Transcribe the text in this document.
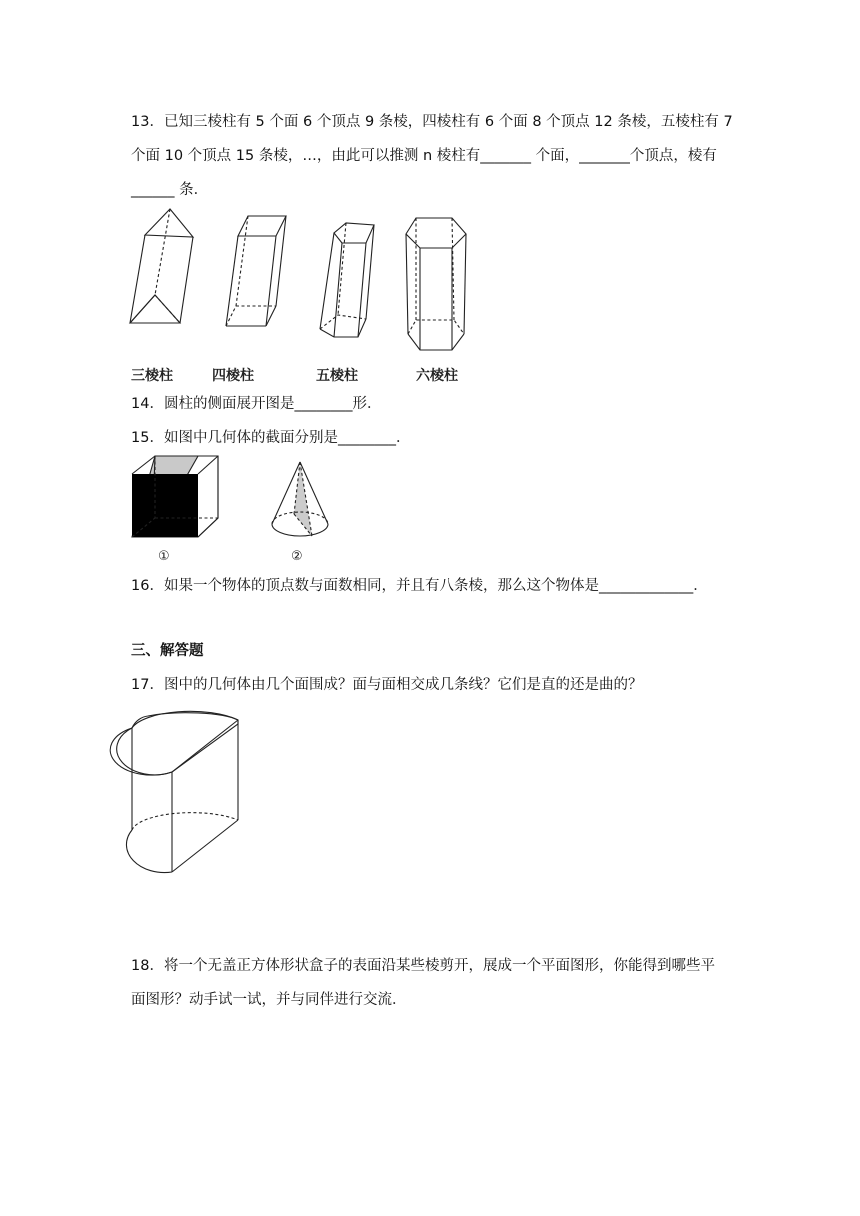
13．已知三棱柱有 5 个面 6 个顶点 9 条棱，四棱柱有 6 个面 8 个顶点 12 条棱，五棱柱有 7
个面 10 个顶点 15 条棱，…，由此可以推测 n 棱柱有_______ 个面，_______个顶点，棱有
______ 条．
三棱柱	四棱柱	五棱柱	六棱柱
14．圆柱的侧面展开图是________形．
15．如图中几何体的截面分别是________．
①	②
16．如果一个物体的顶点数与面数相同，并且有八条棱，那么这个物体是_____________．
三、解答题
17．图中的几何体由几个面围成？面与面相交成几条线？它们是直的还是曲的？
18．将一个无盖正方体形状盒子的表面沿某些棱剪开，展成一个平面图形，你能得到哪些平
面图形？动手试一试，并与同伴进行交流．
